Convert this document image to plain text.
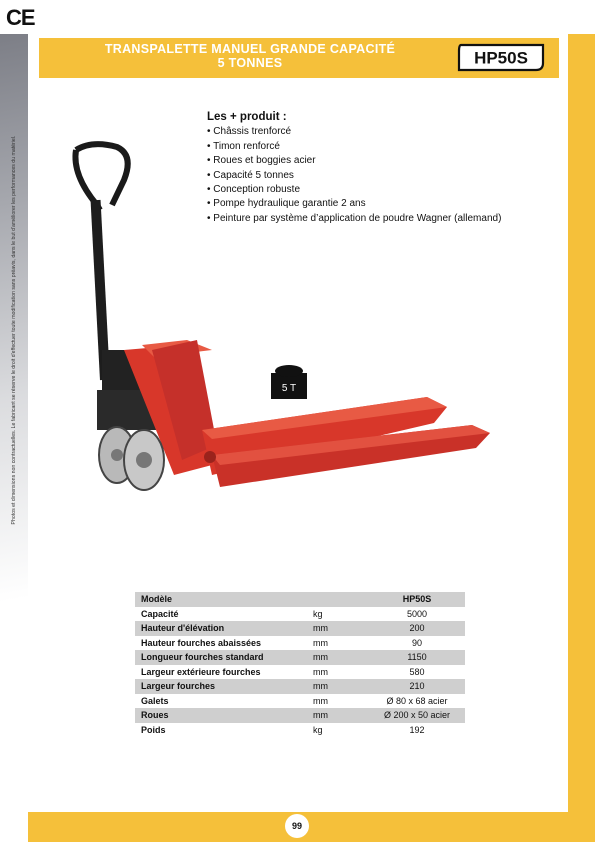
CE
Photos et dimensions non contractuelles. Le fabricant se réserve le droit d'effectuer toute modification sans préavis, dans le but d'améliorer les performances du matériel.
TRANSPALETTE MANUEL GRANDE CAPACITÉ
5 TONNES	HP50S
Les + produit :
• Châssis trenforcé
• Timon renforcé
• Roues et boggies acier
• Capacité 5 tonnes
• Conception robuste
• Pompe hydraulique garantie 2 ans
• Peinture par système d’application de poudre Wagner (allemand)
5 T
Modèle		HP50S
Capacité	kg	5000
Hauteur d'élévation	mm	200
Hauteur fourches abaissées	mm	90
Longueur fourches standard	mm	1150
Largeur extérieure fourches	mm	580
Largeur fourches	mm	210
Galets	mm	Ø 80 x 68 acier
Roues	mm	Ø 200 x 50 acier
Poids	kg	192
99
